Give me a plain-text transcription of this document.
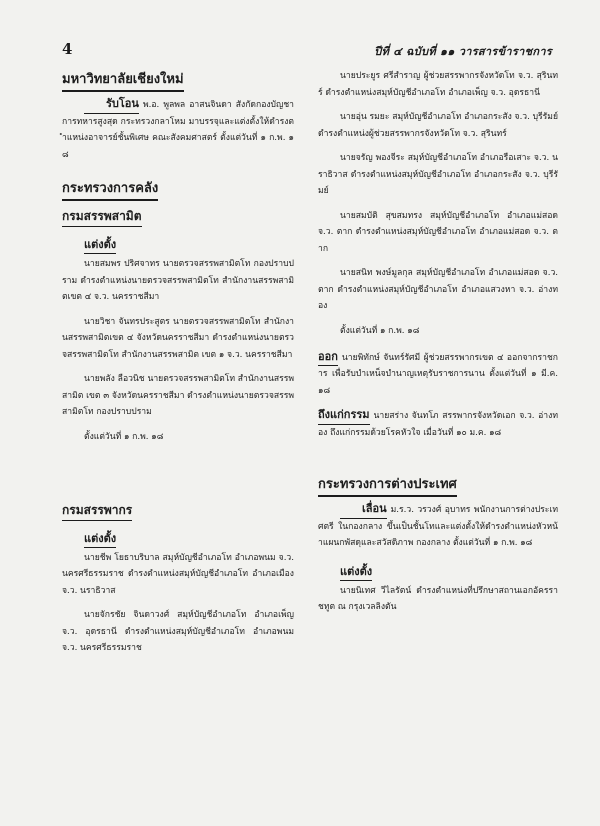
4	ปีที่ ๔ ฉบับที่ ๑๑ วารสารข้าราชการ
มหาวิทยาลัยเชียงใหม่

รับโอน พ.อ. พูลพล อาสนจินดา สังกัดกองบัญชาการทหารสูงสุด กระทรวงกลาโหม มาบรรจุและแต่งตั้งให้ดำรงตำแหน่งอาจารย์ชั้นพิเศษ คณะสังคมศาสตร์ ตั้งแต่วันที่ ๑ ก.พ. ๑๘

กระทรวงการคลัง
กรมสรรพสามิต
แต่งตั้ง

นายสมพร ปริศจาทร นายตรวจสรรพสามิตโท กองปราบปราม ดำรงตำแหน่งนายตรวจสรรพสามิตโท สำนักงานสรรพสามิตเขต ๔ จ.ว. นครราชสีมา

นายวิชา จันทรประสูตร นายตรวจสรรพสามิตโท สำนักงานสรรพสามิตเขต ๔ จังหวัดนครราชสีมา ดำรงตำแหน่งนายตรวจสรรพสามิตโท สำนักงานสรรพสามิต เขต ๑ จ.ว. นครราชสีมา

นายพลัง ลือวนิช นายตรวจสรรพสามิตโท สำนักงานสรรพสามิต เขต ๓ จังหวัดนครราชสีมา ดำรงตำแหน่งนายตรวจสรรพสามิตโท กองปราบปราม

ตั้งแต่วันที่ ๑ ก.พ. ๑๘

กรมสรรพากร
แต่งตั้ง

นายชีพ โยธาบริบาล สมุห์บัญชีอำเภอโท อำเภอพนม จ.ว. นครศรีธรรมราช ดำรงตำแหน่งสมุห์บัญชีอำเภอโท อำเภอเมือง จ.ว. นราธิวาส

นายจักรชัย จินดาวงศ์ สมุห์บัญชีอำเภอโท อำเภอเพ็ญ จ.ว. อุดรธานี ดำรงตำแหน่งสมุห์บัญชีอำเภอโท อำเภอพนม จ.ว. นครศรีธรรมราช

นายประยูร ศรีสำราญ ผู้ช่วยสรรพากรจังหวัดโท จ.ว. สุรินทร์ ดำรงตำแหน่งสมุห์บัญชีอำเภอโท อำเภอเพ็ญ จ.ว. อุดรธานี

นายอุ่น รมยะ สมุห์บัญชีอำเภอโท อำเภอกระสัง จ.ว. บุรีรัมย์ ดำรงตำแหน่งผู้ช่วยสรรพากรจังหวัดโท จ.ว. สุรินทร์

นายจรัญ พองจีระ สมุห์บัญชีอำเภอโท อำเภอรือเสาะ จ.ว. นราธิวาส ดำรงตำแหน่งสมุห์บัญชีอำเภอโท อำเภอกระสัง จ.ว. บุรีรัมย์

นายสมบัติ สุขสมทรง สมุห์บัญชีอำเภอโท อำเภอแม่สอด จ.ว. ตาก ดำรงตำแหน่งสมุห์บัญชีอำเภอโท อำเภอแม่สอด จ.ว. ตาก

นายสนิท พงษ์มูลกุล สมุห์บัญชีอำเภอโท อำเภอแม่สอด จ.ว. ตาก ดำรงตำแหน่งสมุห์บัญชีอำเภอโท อำเภอแสวงหา จ.ว. อ่างทอง

ตั้งแต่วันที่ ๑ ก.พ. ๑๘

ออก นายพิทักษ์ จันทร์รัศมี ผู้ช่วยสรรพากรเขต ๔ ออกจากราชการ เพื่อรับบำเหน็จบำนาญเหตุรับราชการนาน ตั้งแต่วันที่ ๑ มี.ค. ๑๘

ถึงแก่กรรม นายสร่าง จันทโภ สรรพากรจังหวัดเอก จ.ว. อ่างทอง ถึงแก่กรรมด้วยโรคหัวใจ เมื่อวันที่ ๑๐ ม.ค. ๑๘

กระทรวงการต่างประเทศ

เลื่อน ม.ร.ว. วรวงศ์ อุบาทร พนักงานการต่างประเทศตรี ในกองกลาง ขึ้นเป็นชั้นโทและแต่งตั้งให้ดำรงตำแหน่งหัวหน้าแผนกพัสดุและสวัสดิภาพ กองกลาง ตั้งแต่วันที่ ๑ ก.พ. ๑๘

แต่งตั้ง

นายนิเทศ วีไลรัตน์ ดำรงตำแหน่งที่ปรึกษาสถานเอกอัครราชทูต ณ กรุงเวลลิงตัน
